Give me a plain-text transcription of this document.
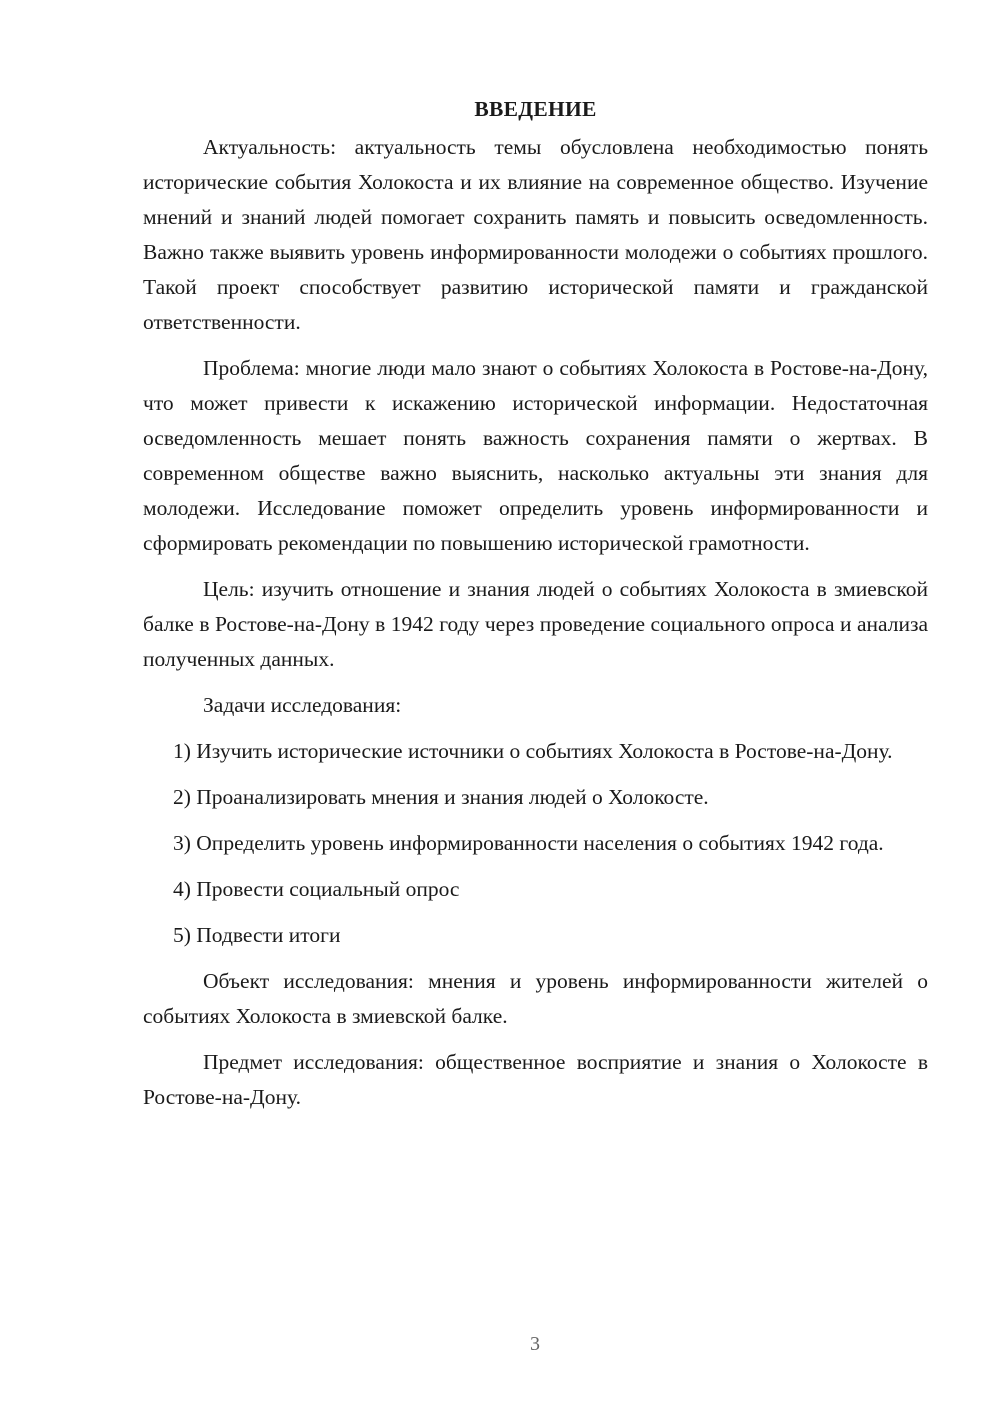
ВВЕДЕНИЕ

Актуальность: актуальность темы обусловлена необходимостью понять исторические события Холокоста и их влияние на современное общество. Изучение мнений и знаний людей помогает сохранить память и повысить осведомленность. Важно также выявить уровень информированности молодежи о событиях прошлого. Такой проект способствует развитию исторической памяти и гражданской ответственности.

Проблема: многие люди мало знают о событиях Холокоста в Ростове-на-Дону, что может привести к искажению исторической информации. Недостаточная осведомленность мешает понять важность сохранения памяти о жертвах. В современном обществе важно выяснить, насколько актуальны эти знания для молодежи. Исследование поможет определить уровень информированности и сформировать рекомендации по повышению исторической грамотности.

Цель: изучить отношение и знания людей о событиях Холокоста в змиевской балке в Ростове-на-Дону в 1942 году через проведение социального опроса и анализа полученных данных.

Задачи исследования:

1) Изучить исторические источники о событиях Холокоста в Ростове-на-Дону.

2) Проанализировать мнения и знания людей о Холокосте.

3) Определить уровень информированности населения о событиях 1942 года.

4) Провести социальный опрос

5) Подвести итоги

Объект исследования: мнения и уровень информированности жителей о событиях Холокоста в змиевской балке.

Предмет исследования: общественное восприятие и знания о Холокосте в Ростове-на-Дону.

3
